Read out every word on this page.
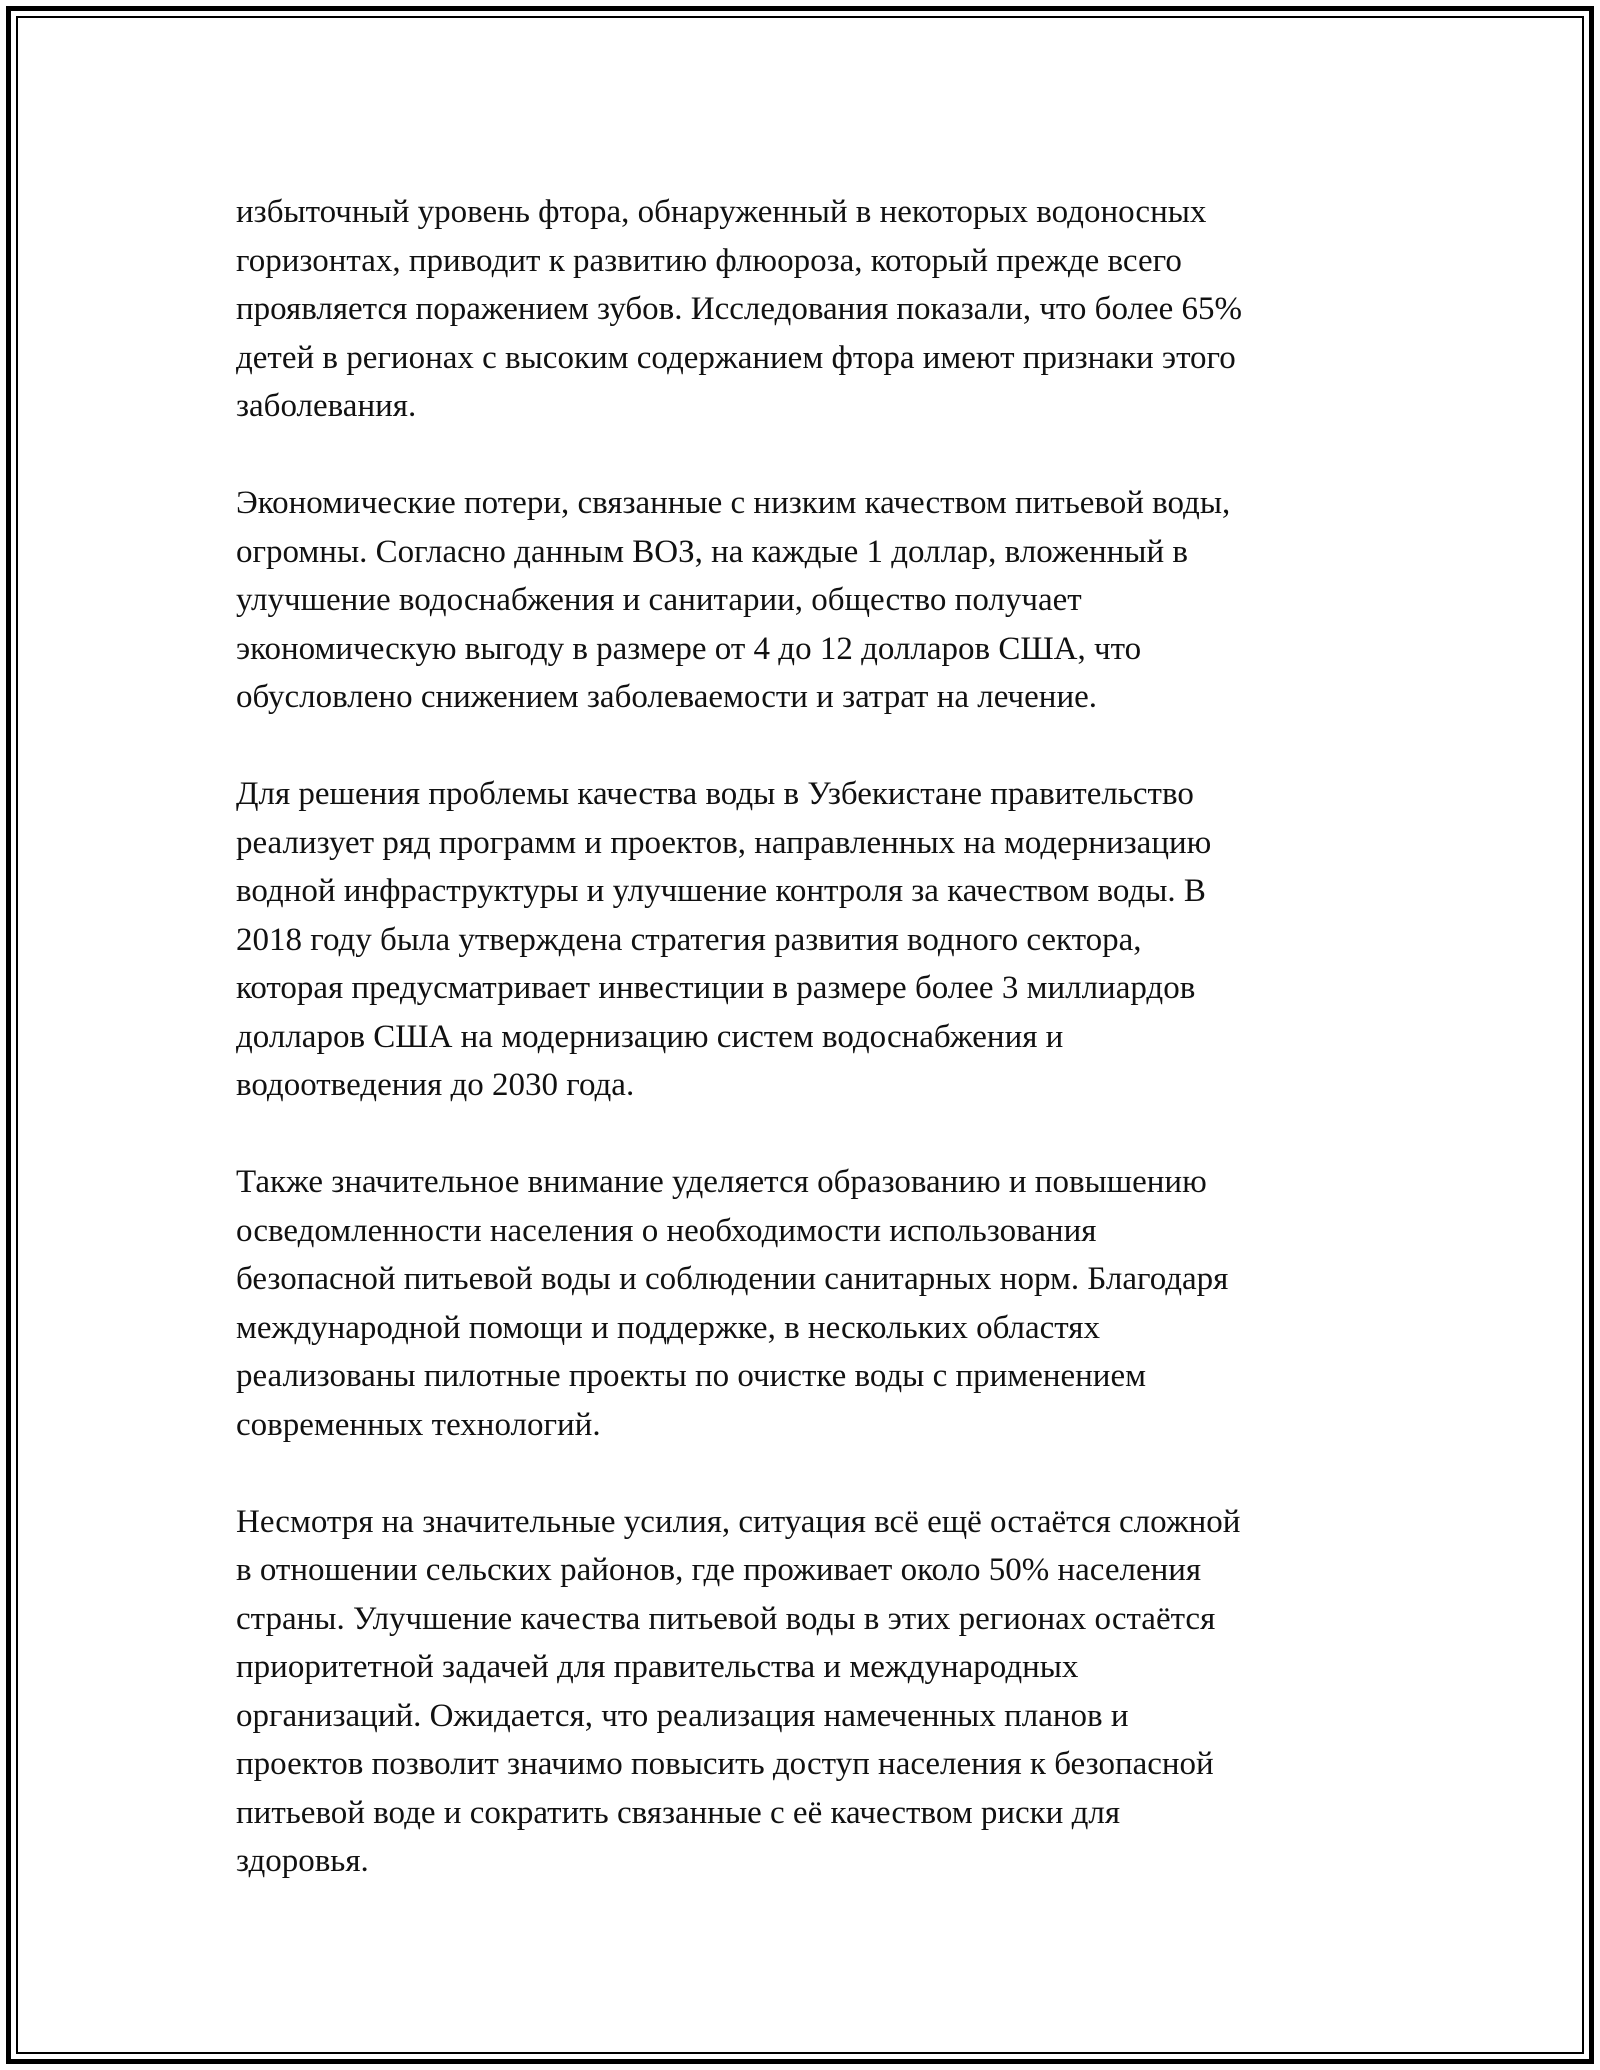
избыточный уровень фтора, обнаруженный в некоторых водоносных
горизонтах, приводит к развитию флюороза, который прежде всего
проявляется поражением зубов. Исследования показали, что более 65%
детей в регионах с высоким содержанием фтора имеют признаки этого
заболевания.

Экономические потери, связанные с низким качеством питьевой воды,
огромны. Согласно данным ВОЗ, на каждые 1 доллар, вложенный в
улучшение водоснабжения и санитарии, общество получает
экономическую выгоду в размере от 4 до 12 долларов США, что
обусловлено снижением заболеваемости и затрат на лечение.

Для решения проблемы качества воды в Узбекистане правительство
реализует ряд программ и проектов, направленных на модернизацию
водной инфраструктуры и улучшение контроля за качеством воды. В
2018 году была утверждена стратегия развития водного сектора,
которая предусматривает инвестиции в размере более 3 миллиардов
долларов США на модернизацию систем водоснабжения и
водоотведения до 2030 года.

Также значительное внимание уделяется образованию и повышению
осведомленности населения о необходимости использования
безопасной питьевой воды и соблюдении санитарных норм. Благодаря
международной помощи и поддержке, в нескольких областях
реализованы пилотные проекты по очистке воды с применением
современных технологий.

Несмотря на значительные усилия, ситуация всё ещё остаётся сложной
в отношении сельских районов, где проживает около 50% населения
страны. Улучшение качества питьевой воды в этих регионах остаётся
приоритетной задачей для правительства и международных
организаций. Ожидается, что реализация намеченных планов и
проектов позволит значимо повысить доступ населения к безопасной
питьевой воде и сократить связанные с её качеством риски для
здоровья.
